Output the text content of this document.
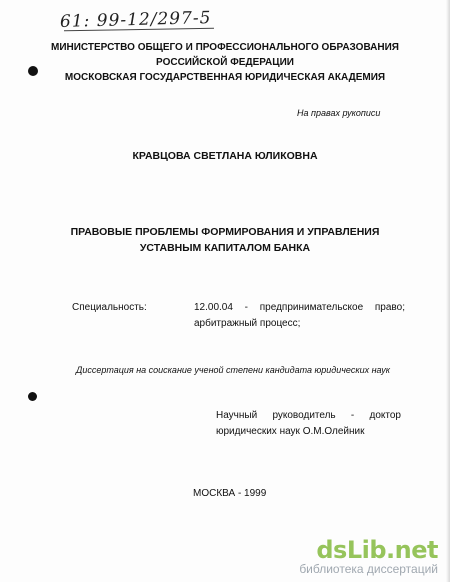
61: 99-12/297-5
МИНИСТЕРСТВО ОБЩЕГО И ПРОФЕССИОНАЛЬНОГО ОБРАЗОВАНИЯ
РОССИЙСКОЙ ФЕДЕРАЦИИ
МОСКОВСКАЯ ГОСУДАРСТВЕННАЯ ЮРИДИЧЕСКАЯ АКАДЕМИЯ
На правах рукописи
КРАВЦОВА СВЕТЛАНА ЮЛИКОВНА
ПРАВОВЫЕ ПРОБЛЕМЫ ФОРМИРОВАНИЯ И УПРАВЛЕНИЯ
УСТАВНЫМ КАПИТАЛОМ БАНКА
Специальность:	12.00.04 - предпринимательское право;
арбитражный процесс;
Диссертация на соискание ученой степени кандидата юридических наук
Научный руководитель - доктор
юридических наук О.М.Олейник
МОСКВА - 1999
dsLib.net
библиотека диссертаций
